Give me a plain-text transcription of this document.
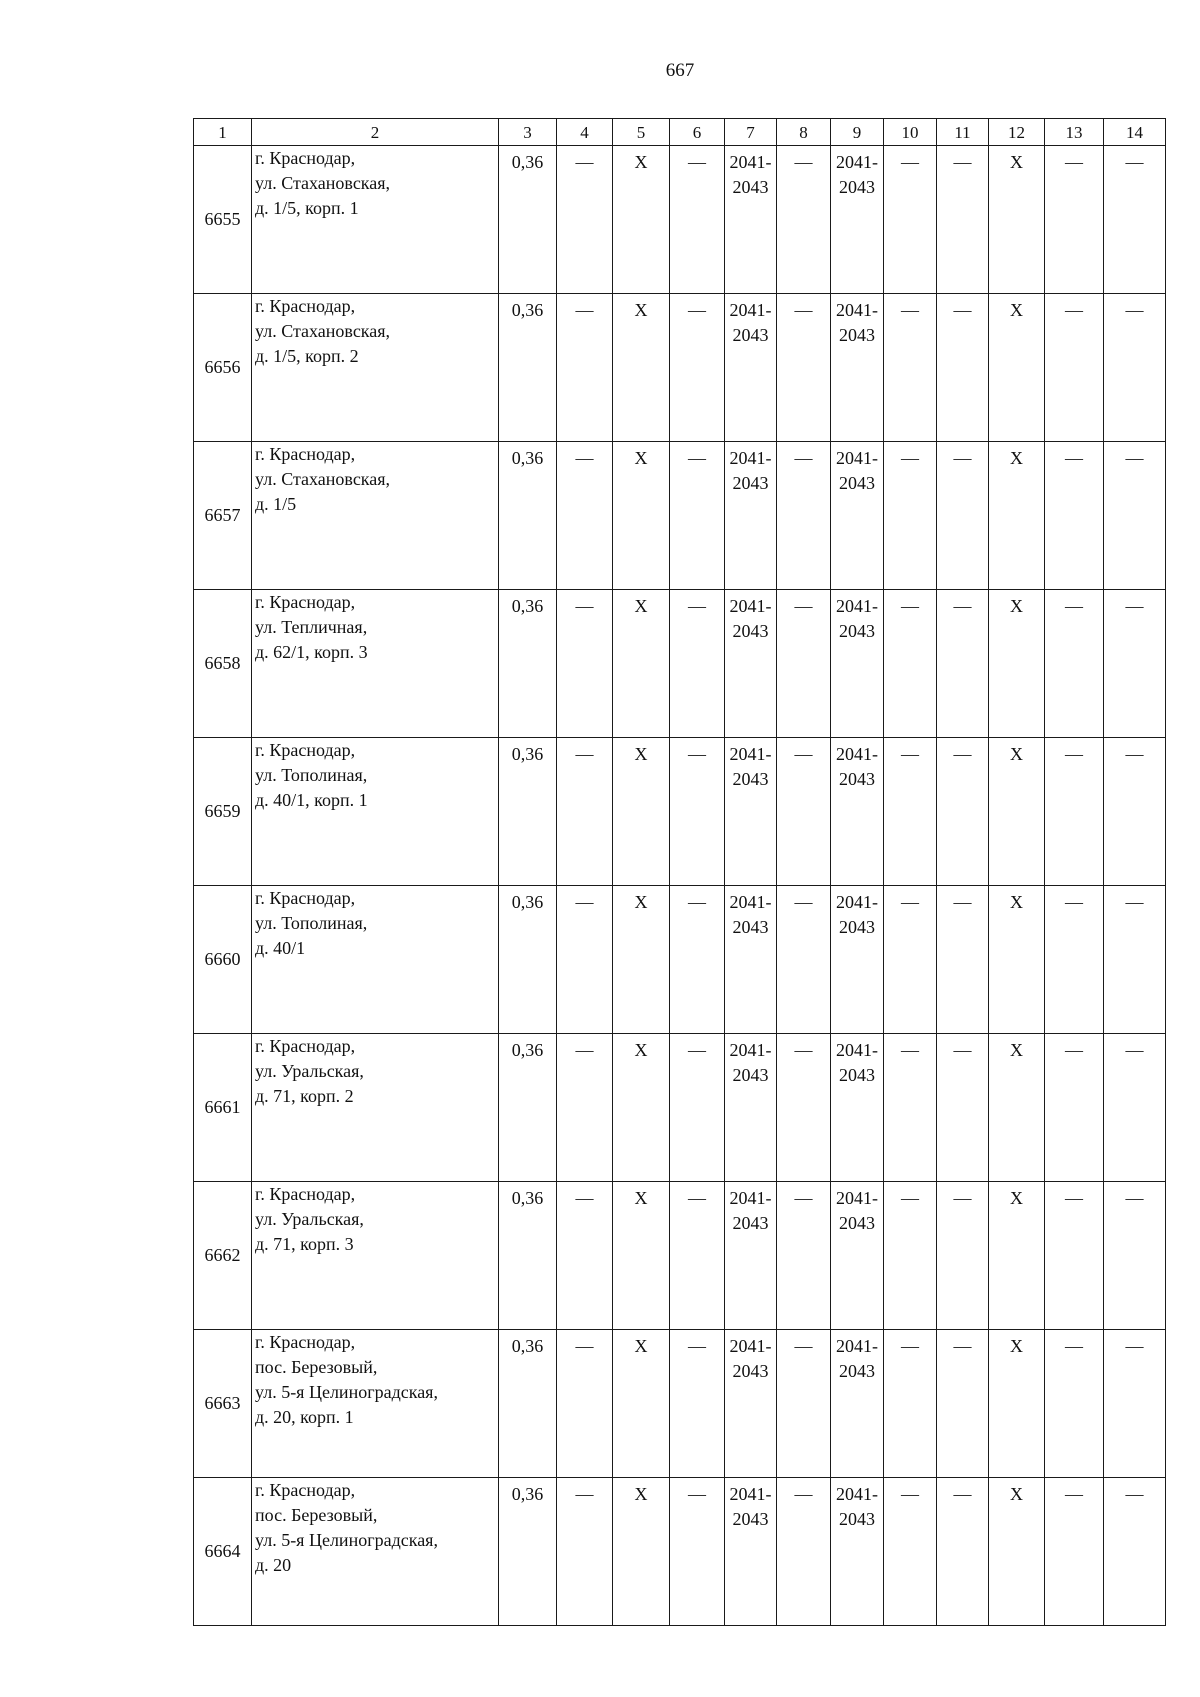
667
1	2	3	4	5	6	7	8	9	10	11	12	13	14
6655	г. Краснодар,
ул. Стахановская,
д. 1/5, корп. 1	0,36	—	X	—	2041-
2043	—	2041-
2043	—	—	X	—	—
6656	г. Краснодар,
ул. Стахановская,
д. 1/5, корп. 2	0,36	—	X	—	2041-
2043	—	2041-
2043	—	—	X	—	—
6657	г. Краснодар,
ул. Стахановская,
д. 1/5	0,36	—	X	—	2041-
2043	—	2041-
2043	—	—	X	—	—
6658	г. Краснодар,
ул. Тепличная,
д. 62/1, корп. 3	0,36	—	X	—	2041-
2043	—	2041-
2043	—	—	X	—	—
6659	г. Краснодар,
ул. Тополиная,
д. 40/1, корп. 1	0,36	—	X	—	2041-
2043	—	2041-
2043	—	—	X	—	—
6660	г. Краснодар,
ул. Тополиная,
д. 40/1	0,36	—	X	—	2041-
2043	—	2041-
2043	—	—	X	—	—
6661	г. Краснодар,
ул. Уральская,
д. 71, корп. 2	0,36	—	X	—	2041-
2043	—	2041-
2043	—	—	X	—	—
6662	г. Краснодар,
ул. Уральская,
д. 71, корп. 3	0,36	—	X	—	2041-
2043	—	2041-
2043	—	—	X	—	—
6663	г. Краснодар,
пос. Березовый,
ул. 5-я Целиноградская,
д. 20, корп. 1	0,36	—	X	—	2041-
2043	—	2041-
2043	—	—	X	—	—
6664	г. Краснодар,
пос. Березовый,
ул. 5-я Целиноградская,
д. 20	0,36	—	X	—	2041-
2043	—	2041-
2043	—	—	X	—	—
